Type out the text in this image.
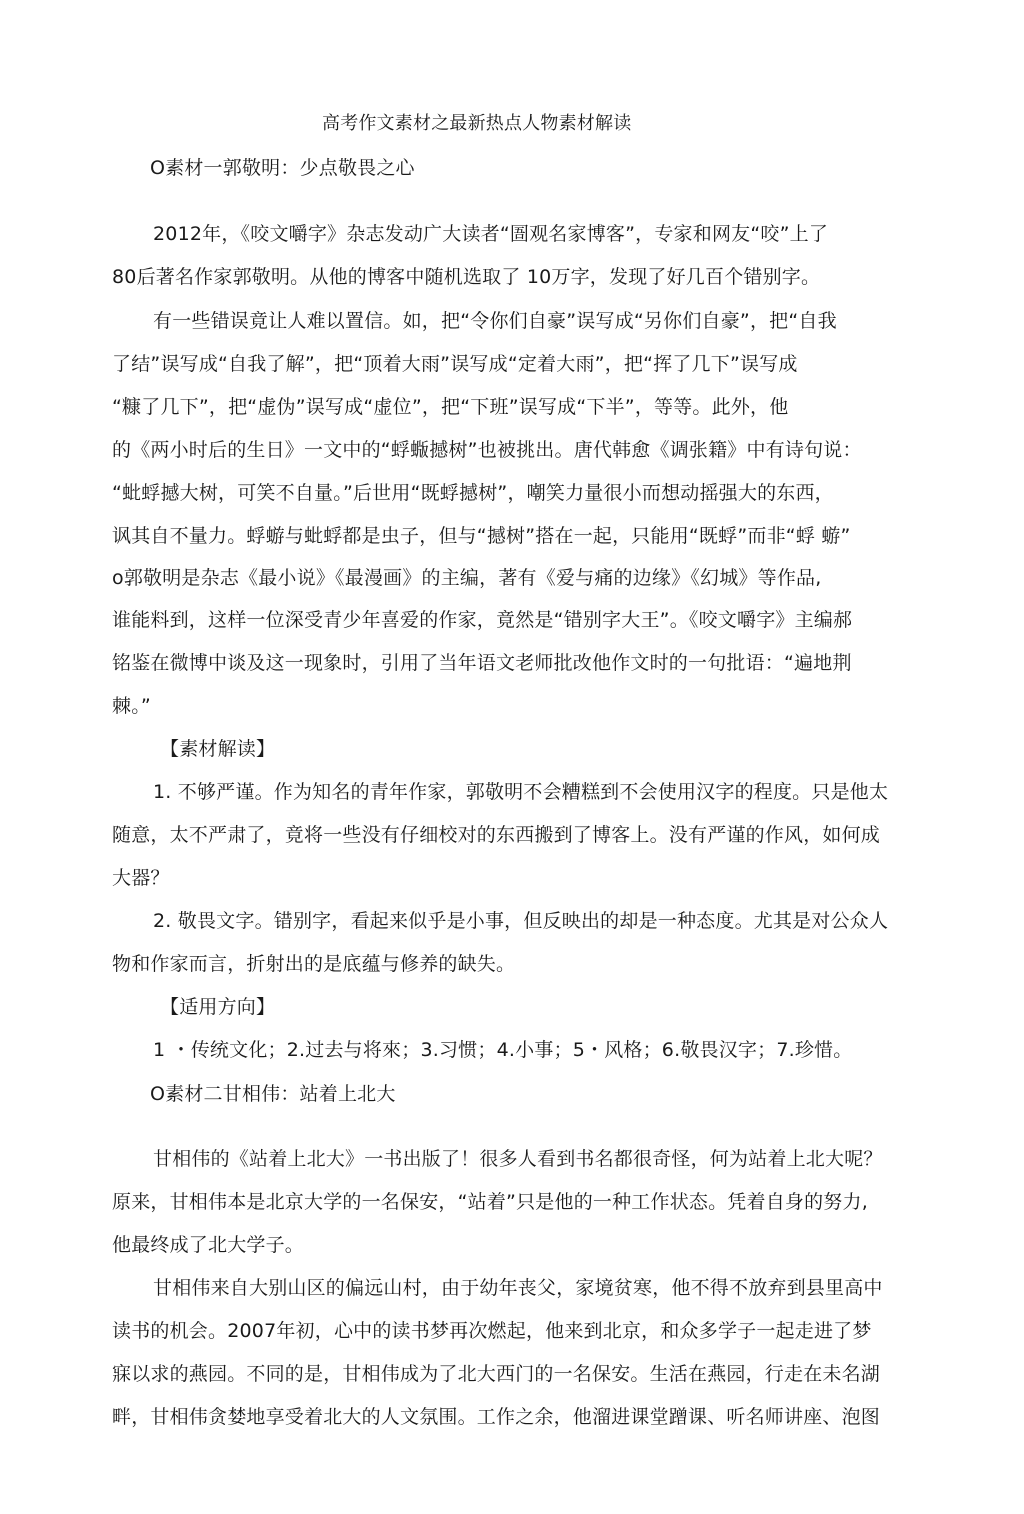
高考作文素材之最新热点人物素材解读
O素材一郭敬明：少点敬畏之心
2012年，《咬文嚼字》杂志发动广大读者“圄观名家博客”，专家和网友“咬”上了
80后著名作家郭敬明。从他的博客中随机选取了 10万字，发现了好几百个错别字。
有一些错误竟让人难以置信。如，把“令你们自豪”误写成“另你们自豪”，把“自我
了结”误写成“自我了解”，把“顶着大雨”误写成“定着大雨”，把“挥了几下”误写成
“糠了几下”，把“虚伪”误写成“虚位”，把“下班”误写成“下半”，等等。此外，他
的《两小时后的生日》一文中的“蜉蝂撼树”也被挑出。唐代韩愈《调张籍》中有诗句说：
“蚍蜉撼大树，可笑不自量。”后世用“既蜉撼树”，嘲笑力量很小而想动摇强大的东西，
讽其自不量力。蜉蝣与蚍蜉都是虫子，但与“撼树”搭在一起，只能用“既蜉”而非“蜉 蝣”
o郭敬明是杂志《最小说》《最漫画》的主编，著有《爱与痛的边缘》《幻城》等作品,
谁能料到，这样一位深受青少年喜爱的作家，竟然是“错别字大王”。《咬文嚼字》主编郝
铭鉴在微博中谈及这一现象时，引用了当年语文老师批改他作文时的一句批语：“遍地荆
棘。”
【素材解读】
1. 不够严谨。作为知名的青年作家，郭敬明不会糟糕到不会使用汉字的程度。只是他太
随意，太不严肃了，竟将一些没有仔细校对的东西搬到了博客上。没有严谨的作风，如何成
大器？
2. 敬畏文字。错别字，看起来似乎是小事，但反映出的却是一种态度。尤其是对公众人
物和作家而言，折射出的是底蕴与修养的缺失。
【适用方向】
1 ・传统文化；2.过去与将來；3.习惯；4.小事；5・风格；6.敬畏汉字；7.珍惜。
O素材二甘相伟：站着上北大
甘相伟的《站着上北大》一书出版了！很多人看到书名都很奇怪，何为站着上北大呢？
原来，甘相伟本是北京大学的一名保安，“站着”只是他的一种工作状态。凭着自身的努力,
他最终成了北大学子。
甘相伟来自大别山区的偏远山村，由于幼年丧父，家境贫寒，他不得不放弃到县里高中
读书的机会。2007年初，心中的读书梦再次燃起，他来到北京，和众多学子一起走进了梦
寐以求的燕园。不同的是，甘相伟成为了北大西门的一名保安。生活在燕园，行走在未名湖
畔，甘相伟贪婪地享受着北大的人文氛围。工作之余，他溜进课堂蹭课、听名师讲座、泡图
